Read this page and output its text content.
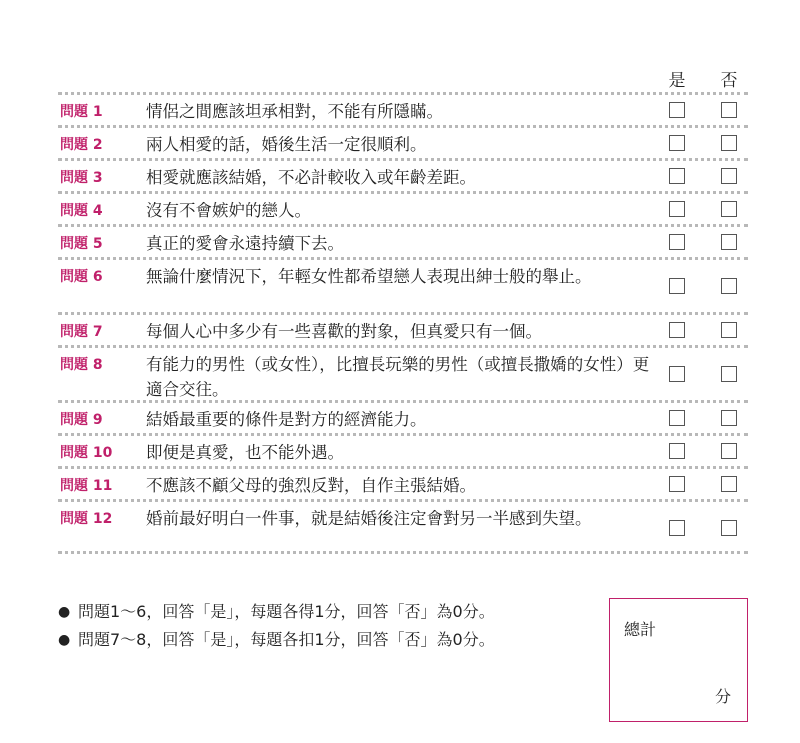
是 否
問題 1	情侶之間應該坦承相對，不能有所隱瞞。
問題 2	兩人相愛的話，婚後生活一定很順利。
問題 3	相愛就應該結婚，不必計較收入或年齡差距。
問題 4	沒有不會嫉妒的戀人。
問題 5	真正的愛會永遠持續下去。
問題 6	無論什麼情況下，年輕女性都希望戀人表現出紳士般的舉止。
問題 7	每個人心中多少有一些喜歡的對象，但真愛只有一個。
問題 8	有能力的男性（或女性），比擅長玩樂的男性（或擅長撒嬌的女性）更適合交往。
問題 9	結婚最重要的條件是對方的經濟能力。
問題 10 即便是真愛，也不能外遇。
問題 11 不應該不顧父母的強烈反對，自作主張結婚。
問題 12 婚前最好明白一件事，就是結婚後注定會對另一半感到失望。
● 問題1～6，回答「是」，每題各得1分，回答「否」為0分。
● 問題7～8，回答「是」，每題各扣1分，回答「否」為0分。
總計
分
